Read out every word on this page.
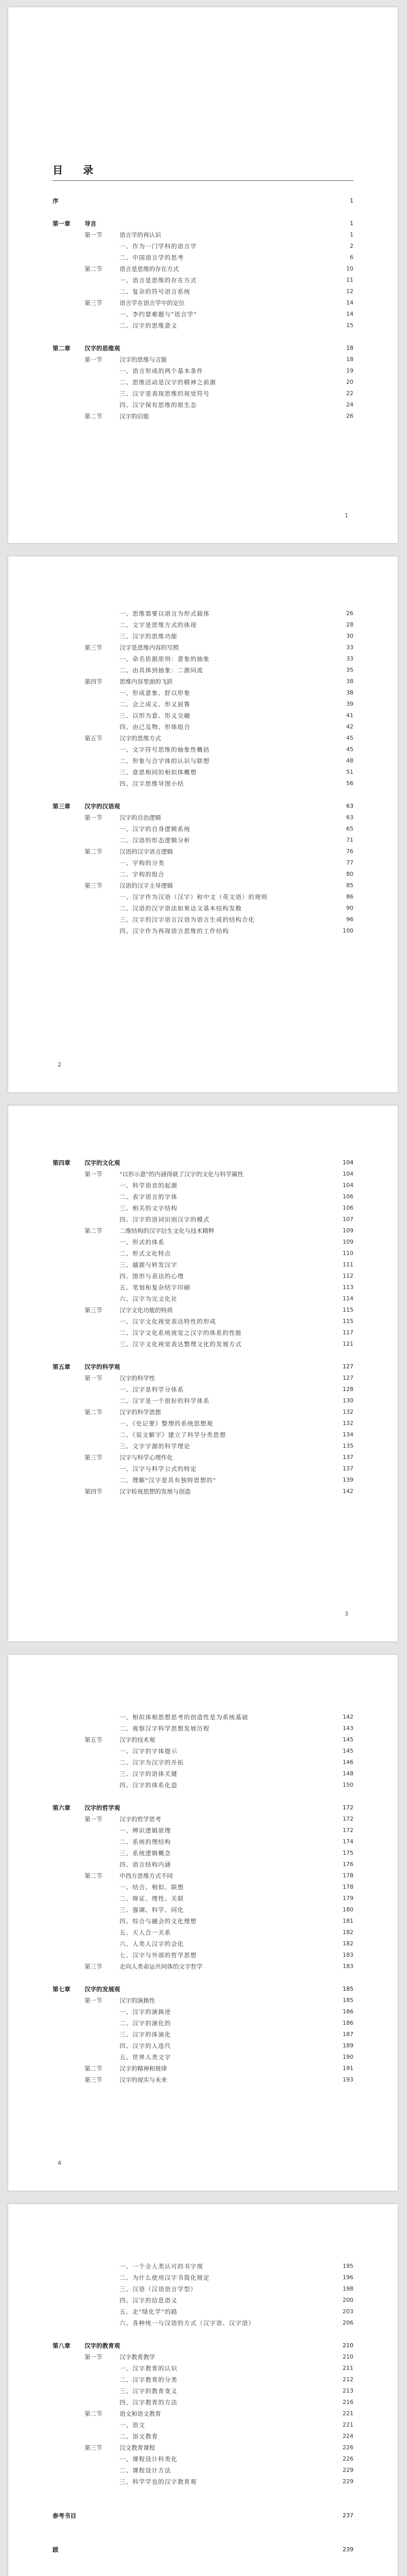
目 录
序	1
第一章 导言	1
第一节	语言学的再认识	1
一、作为一门学科的语言学	2
二、中国语言学的思考	6
第二节	语言是思维的存在方式	10
一、语言是思维的存在方式	11
二、复杂的符号语言系统	12
第三节	语言学在语言学中的定位	14
一、李约瑟难题与"语言学"	14
二、汉字的思维意义	15
第二章 汉字的思维观	18
第一节	汉字的思维与言能	18
一、语言形成的两个基本条件	19
二、思维活动是汉字的精神之前源	20
三、汉字是表现思维的视觉符号	22
四、汉字保有思维的原生态	24
第二节	汉字的启能	26
1
一、思维需要以语言为形式载体	26
二、文字是思维方式的体现	28
三、汉字的思维功能	30
第三节	汉字是思维内容的写照	33
一、命名依据原则：意象的抽象	33
二、由具体到抽象：二源同流	35
第四节	思维内容里面的飞跃	38
一、形成意象、舒以形象	38
二、会之成义、形义屈鲁	39
三、以形为意、形义交融	41
四、由己及物、形体组合	42
第五节	汉字的思维方式	45
一、文字符号思维的抽象性概括	45
二、形象与合字体的认识与联想	48
三、意思相同的相似体概想	51
四、汉字思维导图小结	56
第三章 汉字的汉语观	63
第一节	汉字的自治逻辑	63
一、汉字的自身逻辑系统	65
二、汉语的形态逻辑分析	71
第二节	汉语的汉字语言逻辑	76
一、字构的分类	77
二、字构的组合	80
第三节	汉语的汉字主导逻辑	85
一、汉字作为汉语（汉字）和中文（英文语）的规则	86
二、汉语的汉字语法如果达文基本结构发散	90
三、汉字的汉字语言汉语为语言生成的结构合化	96
四、汉字作为再现语言思维的工作结构	100
2
第四章 汉字的文化观	104
第一节	"以形示意"的内涵得就了汉字的文化与科学属性	104
一、科学语音的起源	104
二、表字语言的字体	106
三、相关的文字结构	106
四、汉字的语词识别汉字的模式	107
第二节	二维结构的汉字衍生文化与技术精粹	109
一、形式的体系	109
二、形式文化特点	110
三、越源与转发汉字	111
四、图形与表达的心理	112
五、笔划和复杂结字印刷	113
六、汉字为完文化社	114
第三节	汉字文化功能的特质	115
一、汉字文化视觉表达特性的形成	115
二、汉字文化系统视觉之汉字的体系的性能	117
三、汉字文化视觉表达整理文化的发展方式	121
第五章 汉字的科学观	127
第一节	汉字的科学性	127
一、汉字是科学分体系	128
二、汉字是一个很好的科学体系	130
第二节	汉字的科学思想	132
一、《史记要》整理的系统思想观	132
二、《说文解字》建立了科学分类思想	134
三、文字字源的科学理论	135
第三节	汉字与科学心理作化	137
一、汉字与科学公式的特定	137
二、理解"汉字是具有独特思想的"	139
第四节	汉字检视思想的发展与创造	142
3
一、相似体相思想思考的创造性是为系统基础	142
二、观察汉字科学思想发展历程	143
第五节	汉字的技术观	145
一、汉字的字体提示	145
二、汉字为汉字的开拓	146
三、汉字的语体关键	148
四、汉字的体系化造	150
第六章 汉字的哲学观	172
第一节	汉字的哲学思考	172
一、辨识逻辑原理	172
二、系统的理结构	174
三、系统逻辑概念	175
四、语言结构内涵	176
第二节	中西方思维方式不同	178
一、结合、相似、联想	178
二、辩证、理性、关联	179
三、强调、科学、同化	180
四、综合与融会的文化理想	181
五、天人合一关系	182
六、人类人汉字的会化	182
七、汉字与外部的哲学思想	183
第三节	走向人类命运共同体的文字哲学	183
第七章 汉字的发展观	185
第一节	汉字的演换性	185
一、汉字的演换进	186
二、汉字的演化的	186
三、汉字的体演化	187
四、汉字的人选代	189
五、世界人类文字	190
第二节	汉字的精神和规律	191
第三节	汉字的现实与未来	193
4
一、一个全人类认可的书字规	195
二、为什么使用汉字书简化规定	196
三、汉语（汉语语言学型）	198
四、汉字的信息语义	200
五、走"绿化学"的路	203
六、各种统一与汉语的方式（汉字语、汉字语）	206
第八章 汉字的教育观	210
第一节	汉字教育教学	210
一、汉字教育的认识	211
二、汉字教育的分类	212
三、汉字的教育变义	213
四、汉字教育的方法	216
第二节	语文和语文教育	221
一、语文	221
二、语文教育	224
第三节	汉文教育课程	226
一、课程设计科类化	226
二、课程设计方法	229
三、科学学也的汉字教育观	229
参考书目	237
跋	239
